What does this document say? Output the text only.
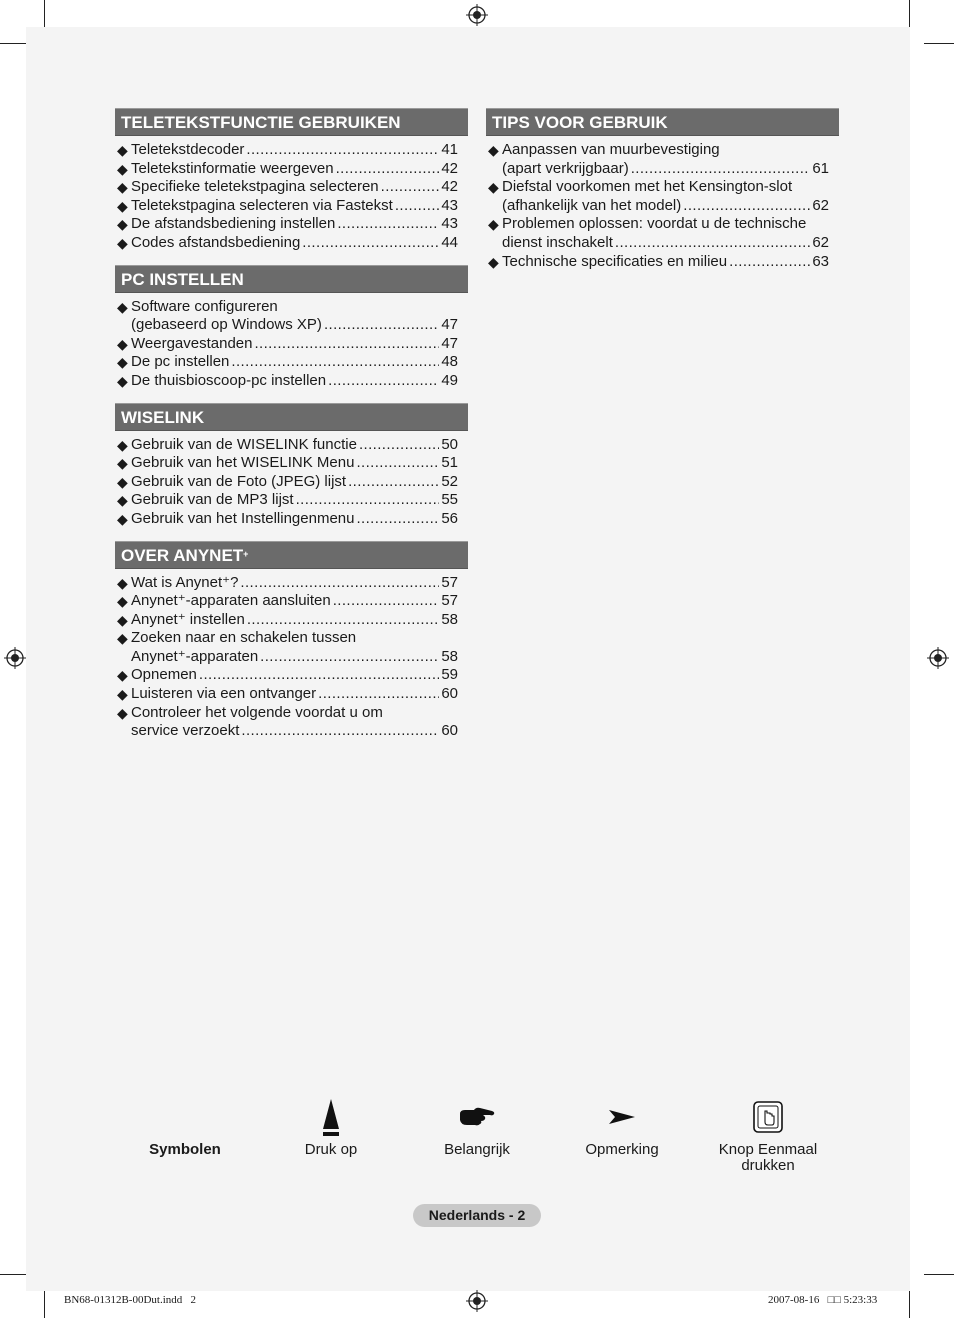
TELETEKSTFUNCTIE GEBRUIKEN
◆ Teletekstdecoder .....	41
◆ Teletekstinformatie weergeven .....	42
◆ Specifieke teletekstpagina selecteren .....	42
◆ Teletekstpagina selecteren via Fastekst .....	43
◆ De afstandsbediening instellen .....	43
◆ Codes afstandsbediening .....	44
PC INSTELLEN
◆ Software configureren
(gebaseerd op Windows XP) .....	47
◆ Weergavestanden .....	47
◆ De pc instellen .....	48
◆ De thuisbioscoop-pc instellen .....	49
WISELINK
◆ Gebruik van de WISELINK functie .....	50
◆ Gebruik van het WISELINK Menu .....	51
◆ Gebruik van de Foto (JPEG) lijst .....	52
◆ Gebruik van de MP3 lijst .....	55
◆ Gebruik van het Instellingenmenu .....	56
OVER ANYNET+
◆ Wat is Anynet⁺? .....	57
◆ Anynet⁺-apparaten aansluiten .....	57
◆ Anynet⁺ instellen .....	58
◆ Zoeken naar en schakelen tussen
Anynet⁺-apparaten .....	58
◆ Opnemen .....	59
◆ Luisteren via een ontvanger .....	60
◆ Controleer het volgende voordat u om
service verzoekt .....	60
TIPS VOOR GEBRUIK
◆ Aanpassen van muurbevestiging
(apart verkrijgbaar) .....	61
◆ Diefstal voorkomen met het Kensington-slot
(afhankelijk van het model) .....	62
◆ Problemen oplossen: voordat u de technische
dienst inschakelt .....	62
◆ Technische specificaties en milieu .....	63
Symbolen	Druk op	Belangrijk	Opmerking	Knop Eenmaal drukken
Nederlands - 2
BN68-01312B-00Dut.indd   2	2007-08-16   □□ 5:23:33
